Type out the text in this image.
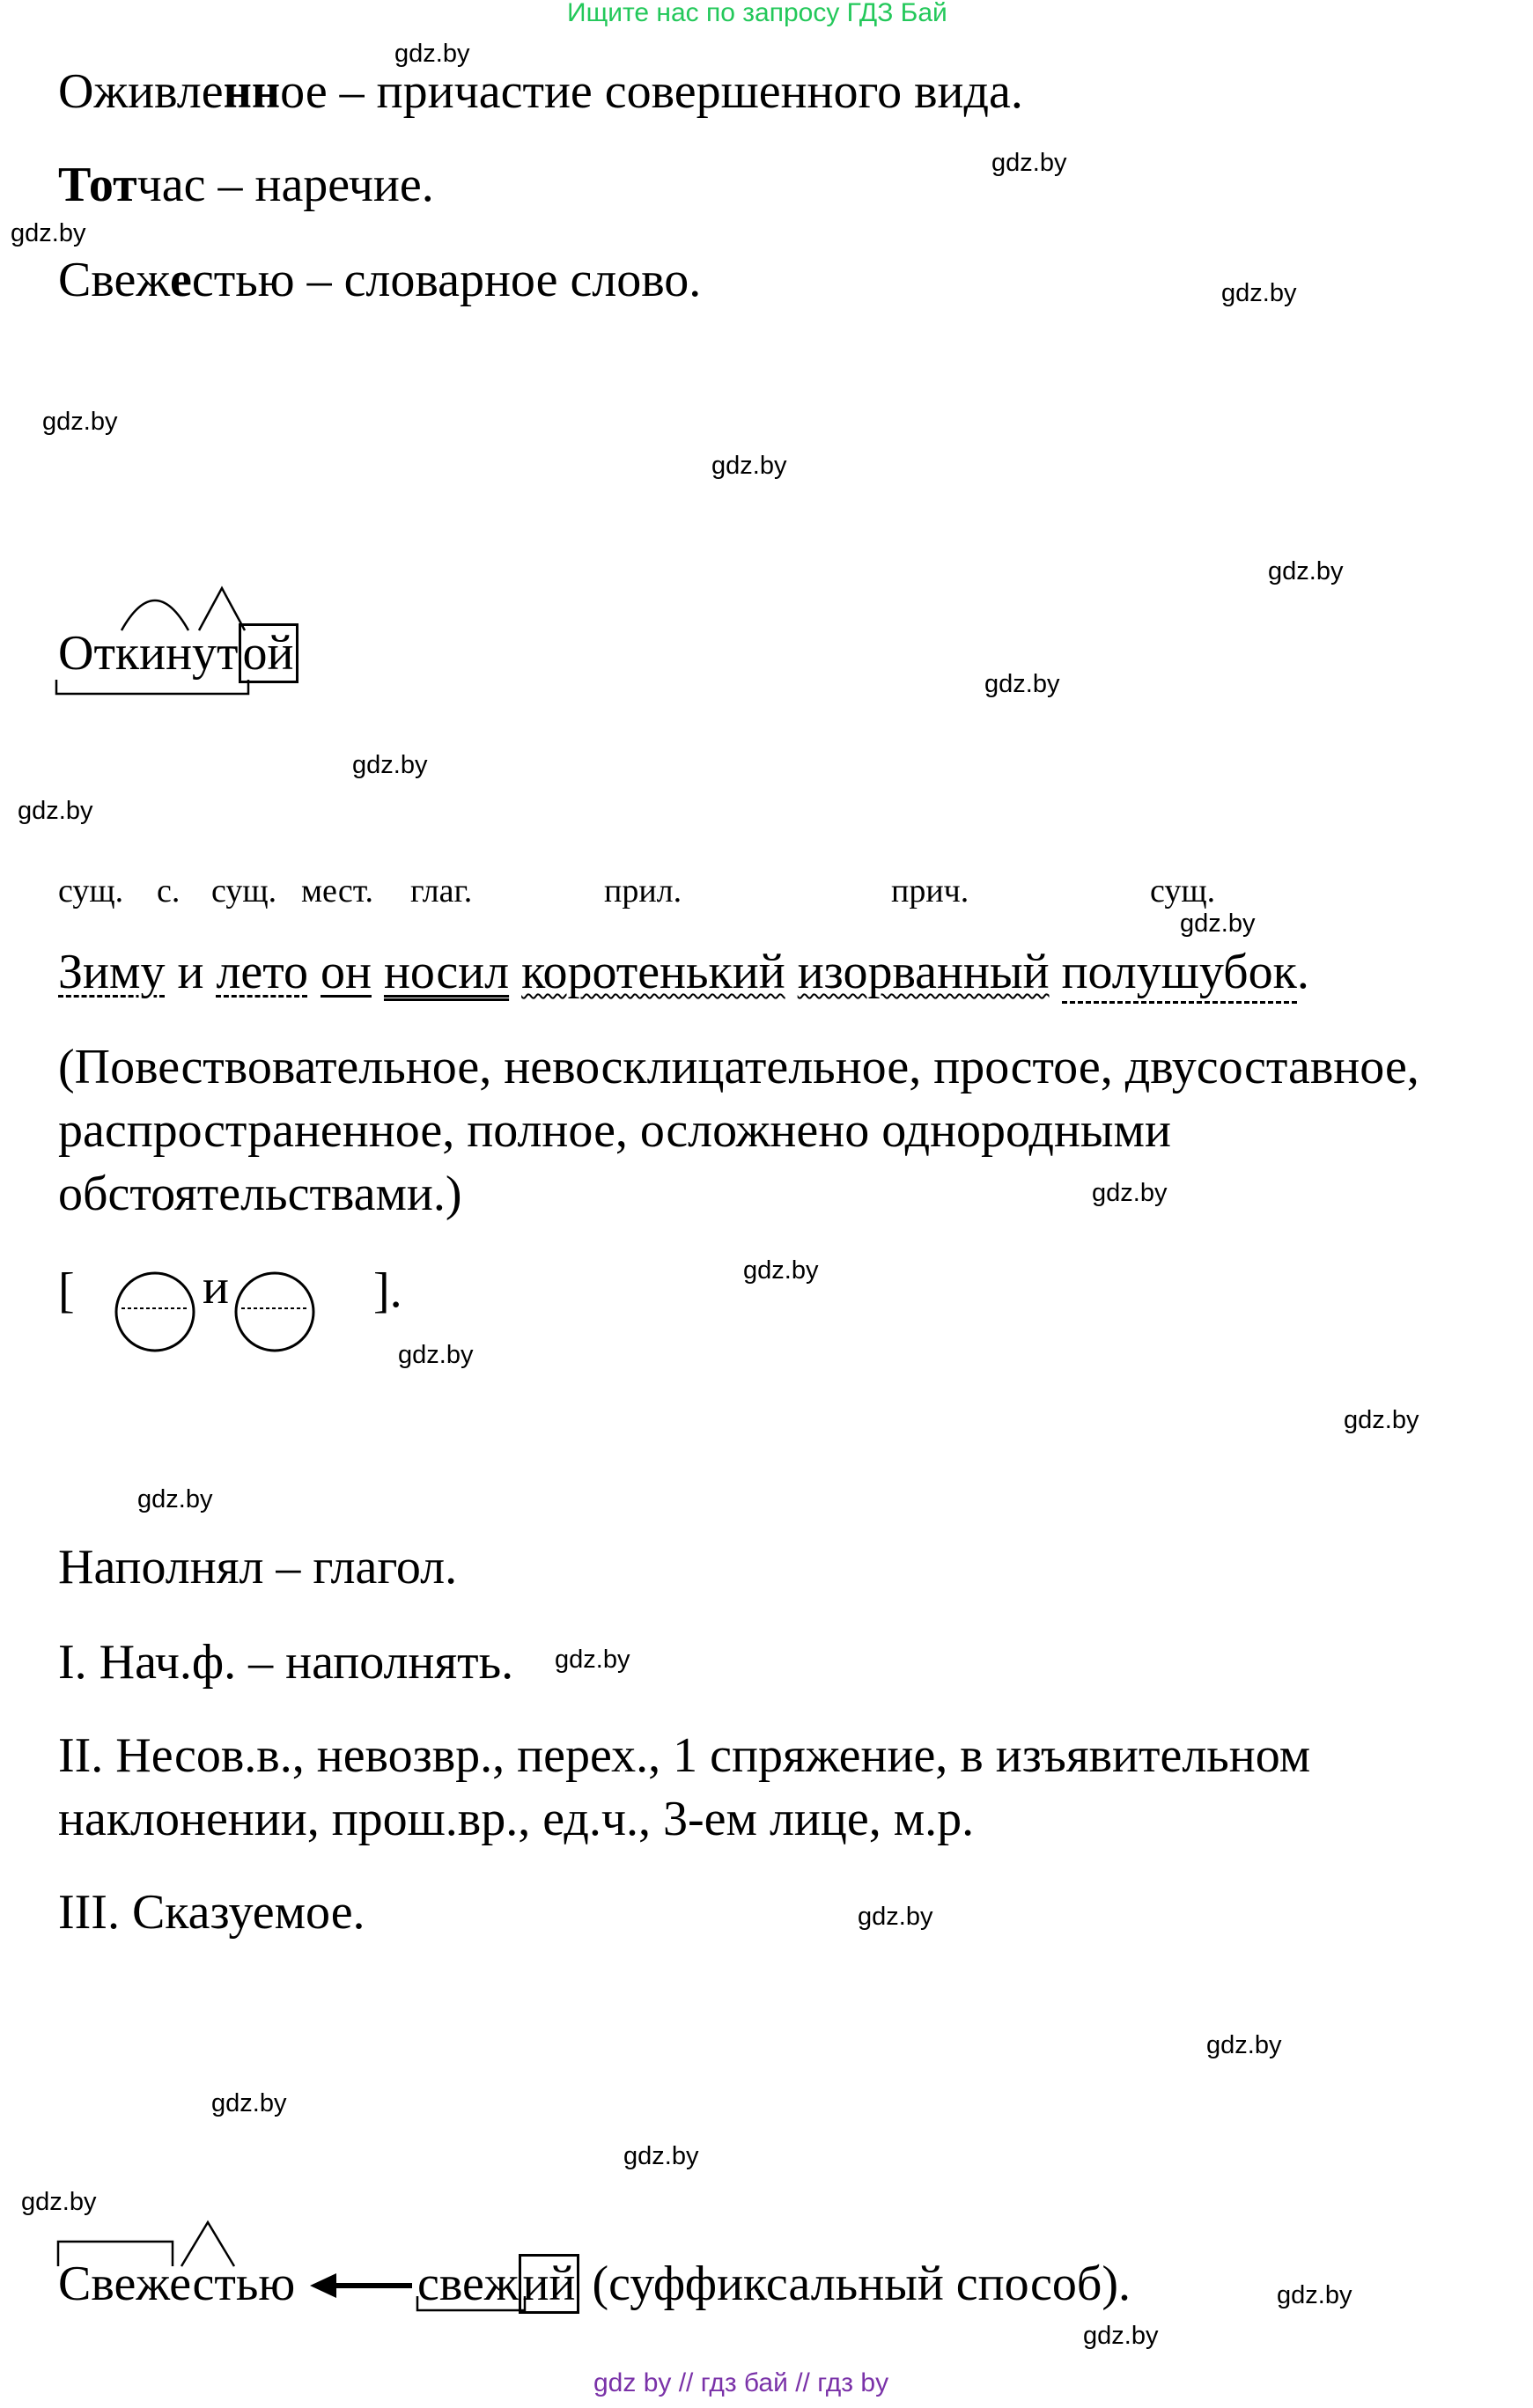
Ищите нас по запросу ГДЗ Бай
gdz.by
gdz.by
gdz.by
gdz.by
gdz.by
gdz.by
gdz.by
gdz.by
gdz.by
gdz.by
gdz.by
gdz.by
gdz.by
gdz.by
gdz.by
gdz.by
gdz.by
gdz.by
gdz.by
gdz.by
gdz.by
gdz.by
gdz.by
gdz.by
Оживленное – причастие совершенного вида.
Тотчас – наречие.
Свежестью – словарное слово.
Откинутой
сущ. с. сущ. мест. глаг.	прил.	прич.	сущ.
Зиму и лето он носил коротенький изорванный полушубок.
(Повествовательное, невосклицательное, простое, двусоставное,
распространенное, полное, осложнено однородными
обстоятельствами.)
[	и	].
Наполнял – глагол.
I. Нач.ф. – наполнять.
II. Несов.в., невозвр., перех., 1 спряжение, в изъявительном
наклонении, прош.вр., ед.ч., 3-ем лице, м.р.
III. Сказуемое.
Свежестью свежий (суффиксальный способ).
gdz by // гдз бай // гдз by
